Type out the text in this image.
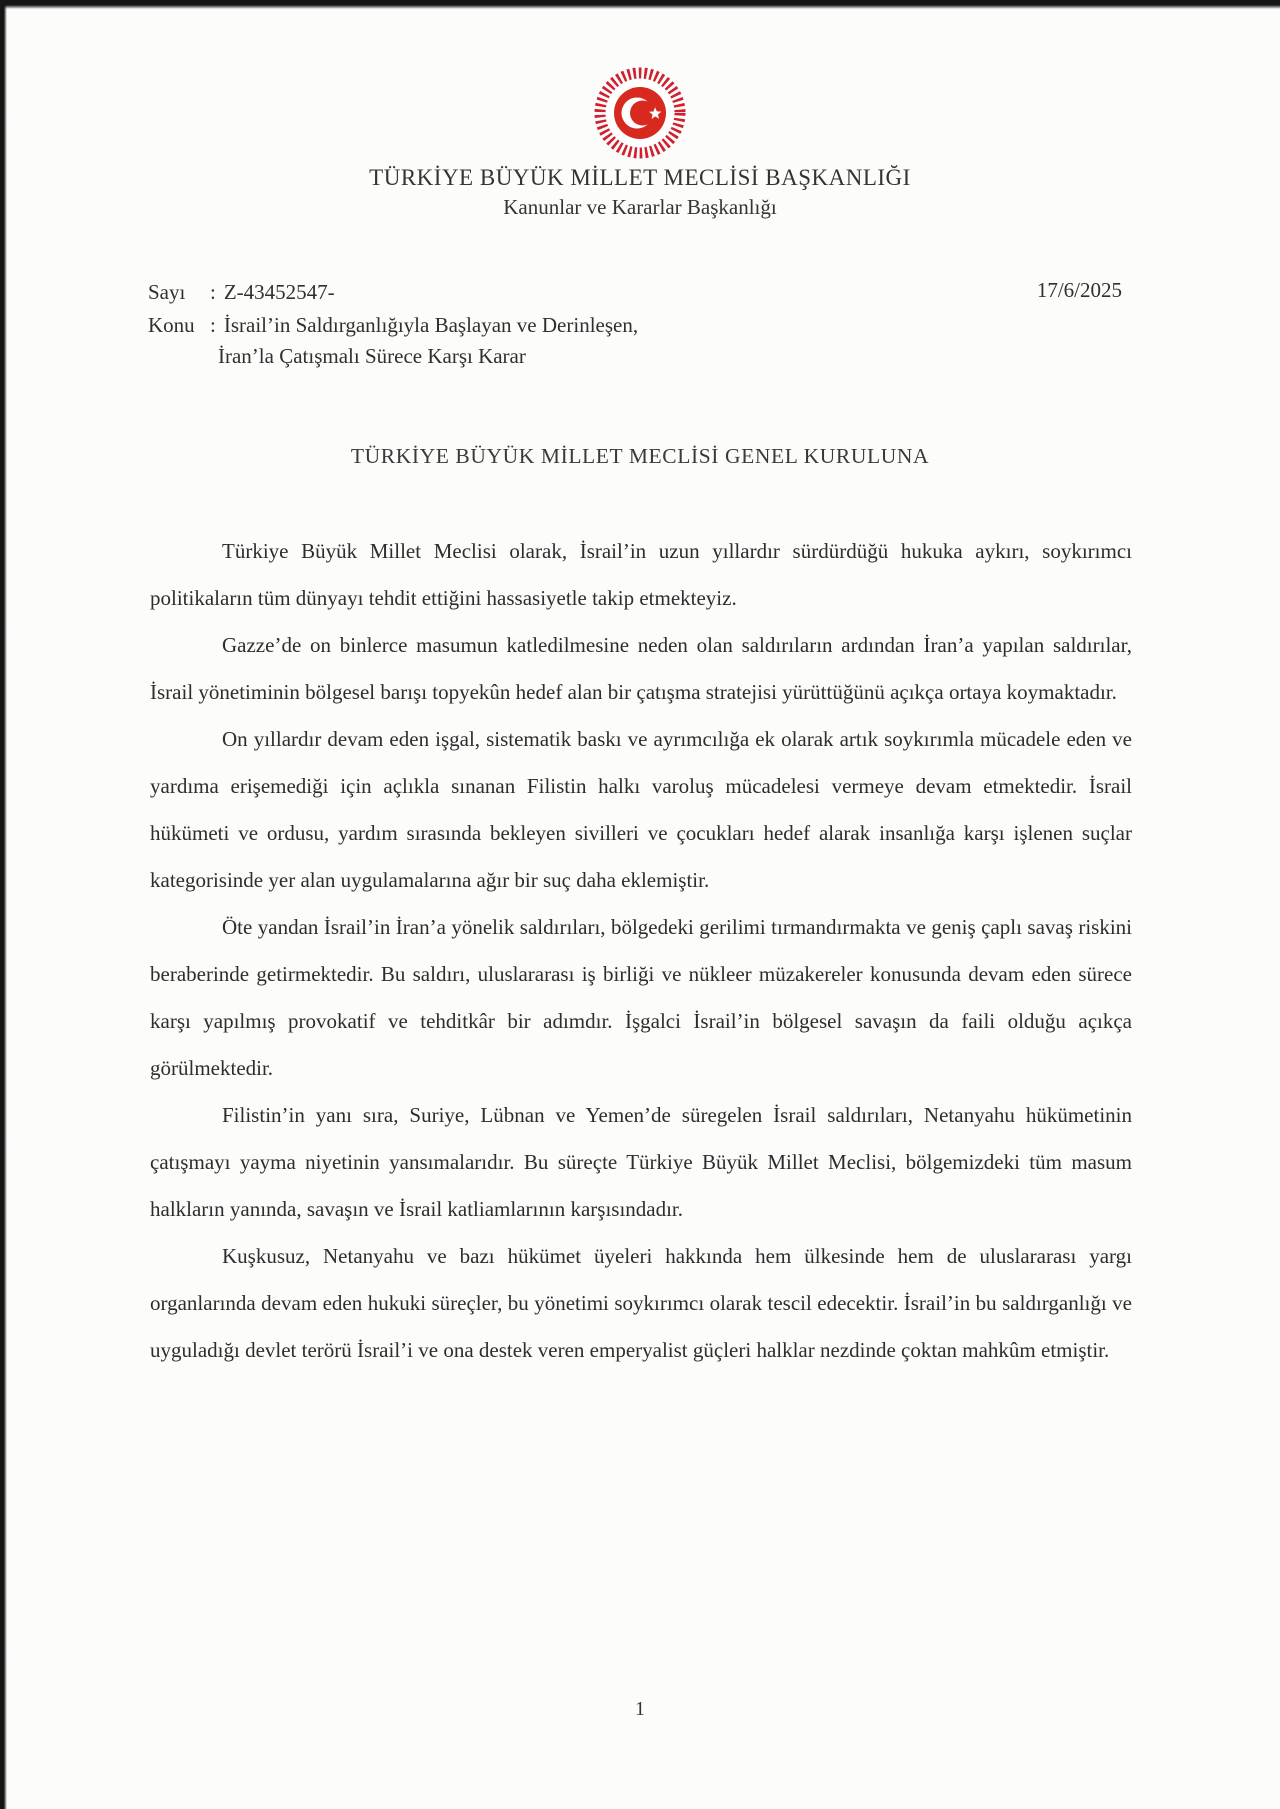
TÜRKİYE BÜYÜK MİLLET MECLİSİ BAŞKANLIĞI
Kanunlar ve Kararlar Başkanlığı
Sayı	: Z-43452547-
Konu : İsrail’in Saldırganlığıyla Başlayan ve Derinleşen,
İran’la Çatışmalı Sürece Karşı Karar
17/6/2025
TÜRKİYE BÜYÜK MİLLET MECLİSİ GENEL KURULUNA

Türkiye Büyük Millet Meclisi olarak, İsrail’in uzun yıllardır sürdürdüğü hukuka aykırı, soykırımcı politikaların tüm dünyayı tehdit ettiğini hassasiyetle takip etmekteyiz.

Gazze’de on binlerce masumun katledilmesine neden olan saldırıların ardından İran’a yapılan saldırılar, İsrail yönetiminin bölgesel barışı topyekûn hedef alan bir çatışma stratejisi yürüttüğünü açıkça ortaya koymaktadır.

On yıllardır devam eden işgal, sistematik baskı ve ayrımcılığa ek olarak artık soykırımla mücadele eden ve yardıma erişemediği için açlıkla sınanan Filistin halkı varoluş mücadelesi vermeye devam etmektedir. İsrail hükümeti ve ordusu, yardım sırasında bekleyen sivilleri ve çocukları hedef alarak insanlığa karşı işlenen suçlar kategorisinde yer alan uygulamalarına ağır bir suç daha eklemiştir.

Öte yandan İsrail’in İran’a yönelik saldırıları, bölgedeki gerilimi tırmandırmakta ve geniş çaplı savaş riskini beraberinde getirmektedir. Bu saldırı, uluslararası iş birliği ve nükleer müzakereler konusunda devam eden sürece karşı yapılmış provokatif ve tehditkâr bir adımdır. İşgalci İsrail’in bölgesel savaşın da faili olduğu açıkça görülmektedir.

Filistin’in yanı sıra, Suriye, Lübnan ve Yemen’de süregelen İsrail saldırıları, Netanyahu hükümetinin çatışmayı yayma niyetinin yansımalarıdır. Bu süreçte Türkiye Büyük Millet Meclisi, bölgemizdeki tüm masum halkların yanında, savaşın ve İsrail katliamlarının karşısındadır.

Kuşkusuz, Netanyahu ve bazı hükümet üyeleri hakkında hem ülkesinde hem de uluslararası yargı organlarında devam eden hukuki süreçler, bu yönetimi soykırımcı olarak tescil edecektir. İsrail’in bu saldırganlığı ve uyguladığı devlet terörü İsrail’i ve ona destek veren emperyalist güçleri halklar nezdinde çoktan mahkûm etmiştir.

1
